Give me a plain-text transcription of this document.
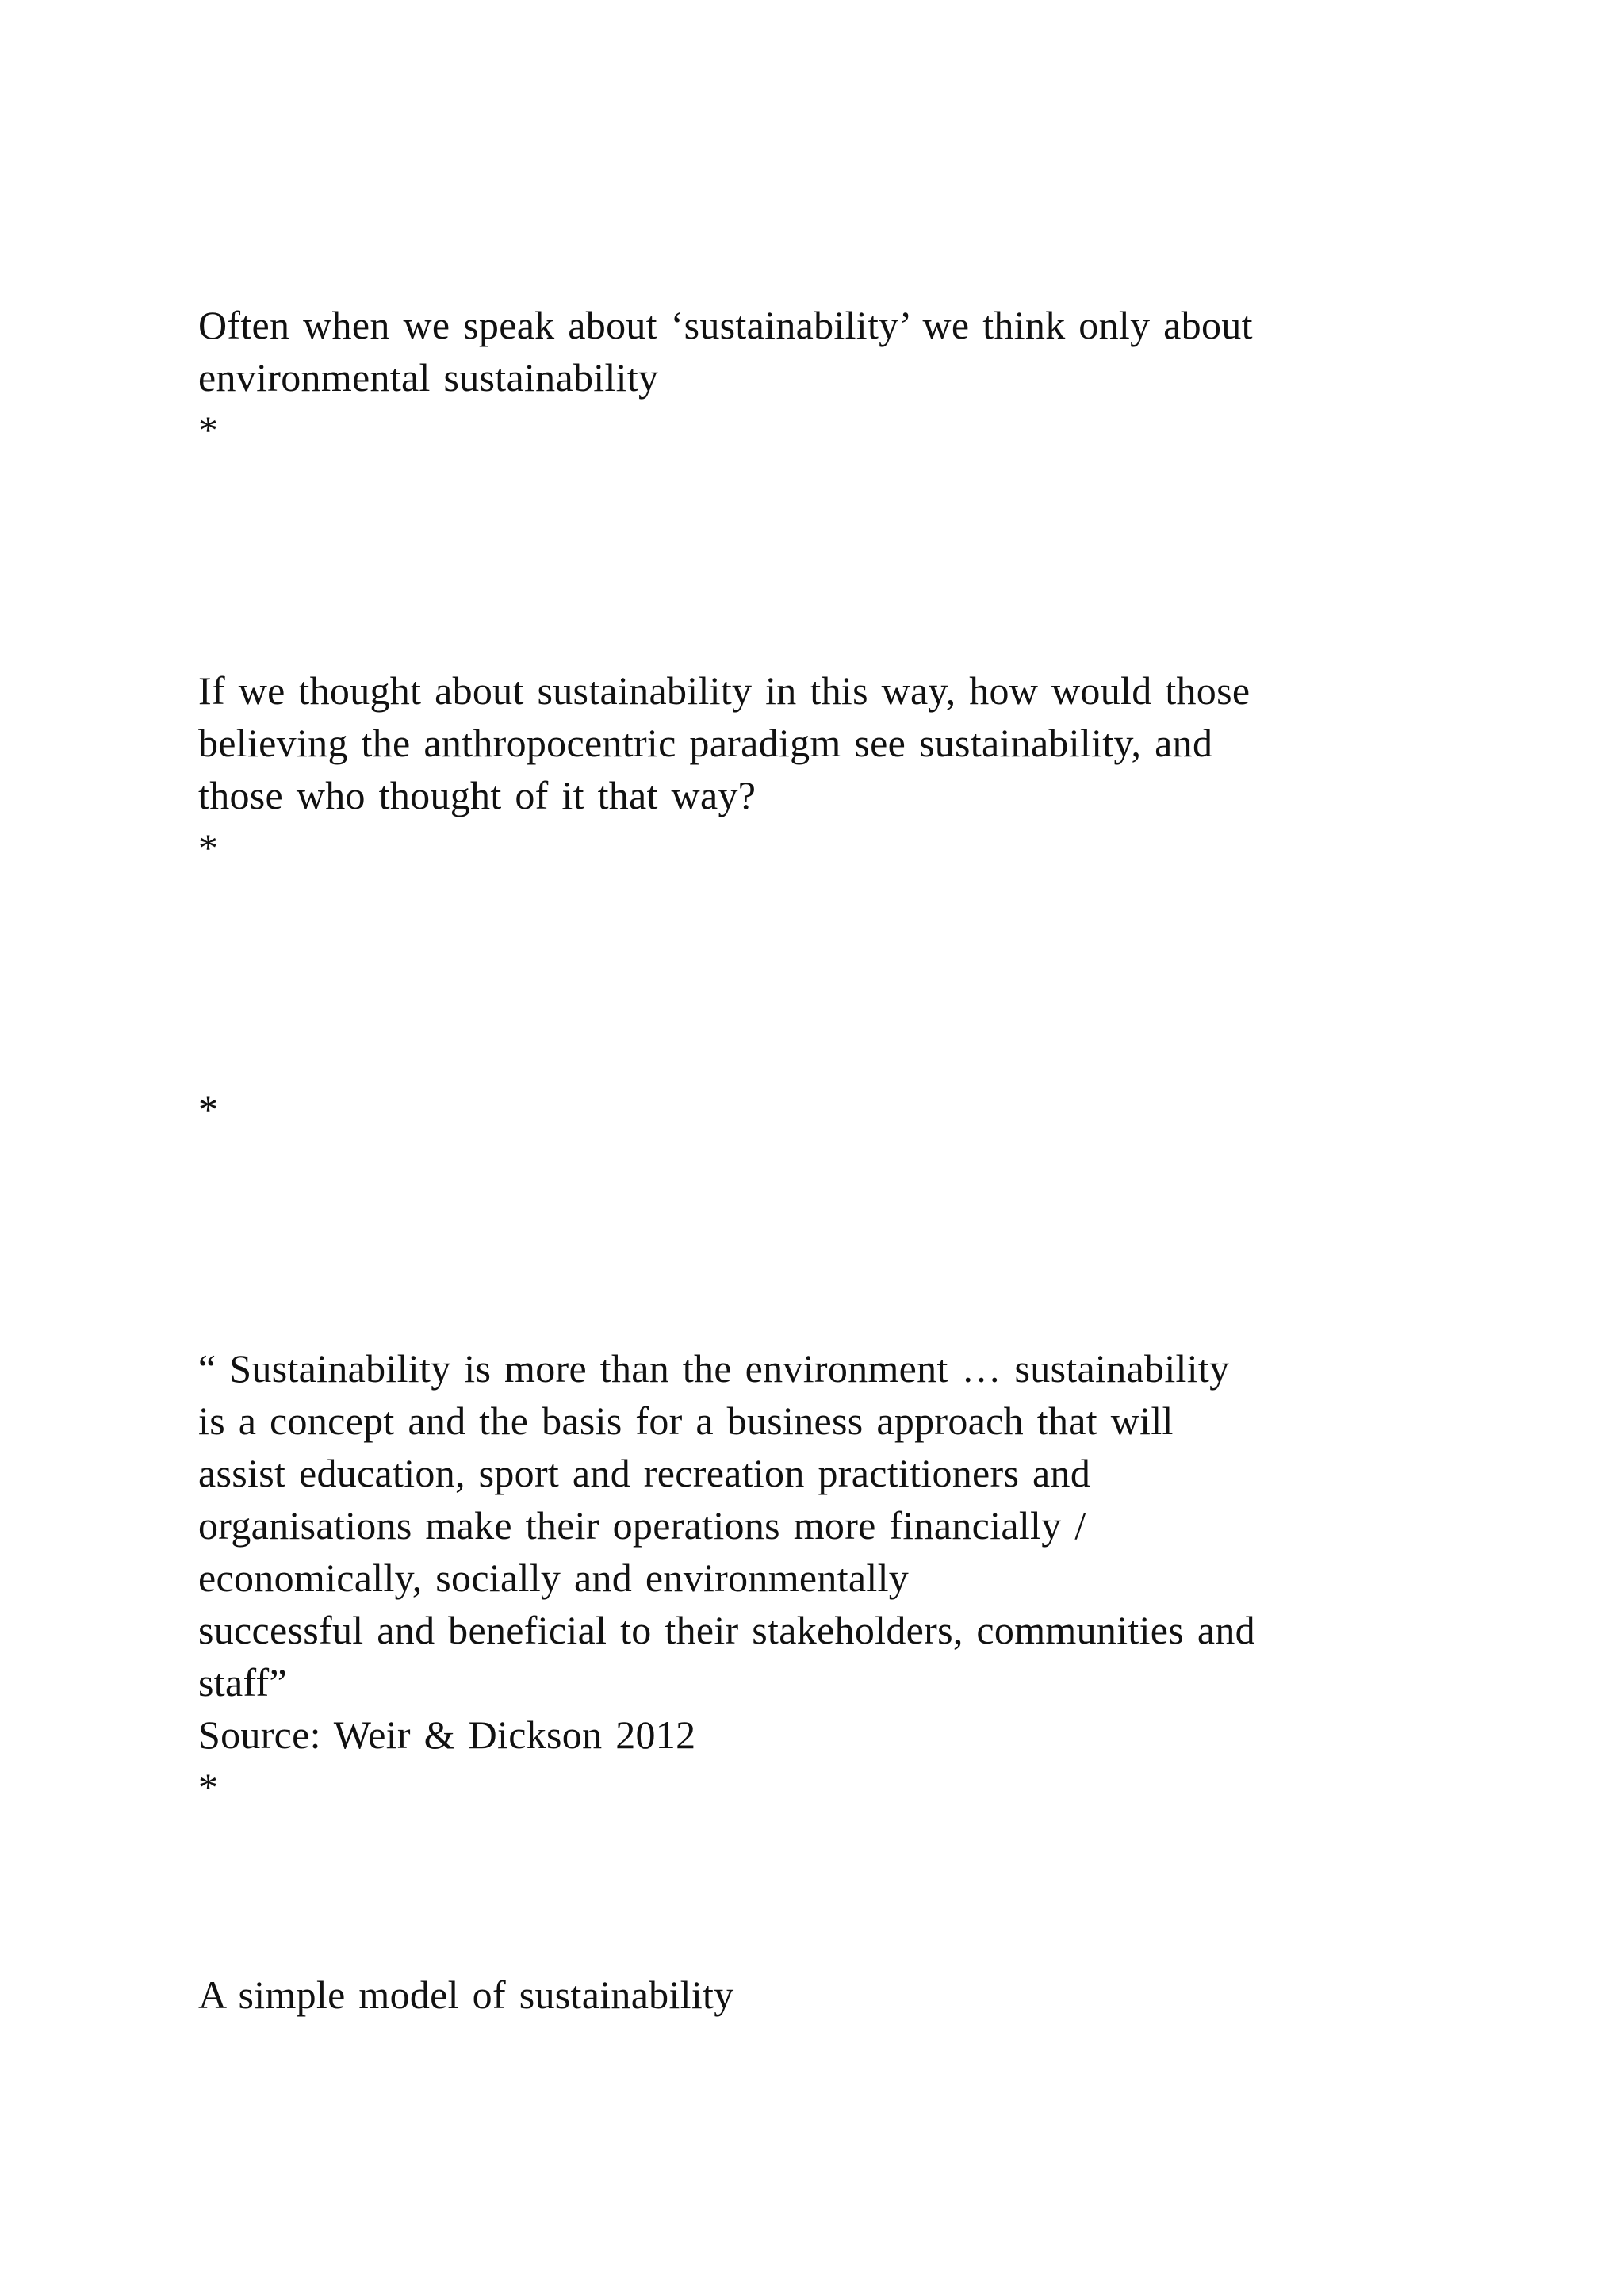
Often when we speak about ‘sustainability’ we think only about
environmental sustainability
*
If we thought about sustainability in this way, how would those
believing the anthropocentric paradigm see sustainability, and
those who thought of it that way?
*
*
“ Sustainability is more than the environment … sustainability
is a concept and the basis for a business approach that will
assist education, sport and recreation practitioners and
organisations make their operations more financially /
economically, socially and environmentally
successful and beneficial to their stakeholders, communities and
staff”
Source: Weir & Dickson 2012
*
A simple model of sustainability
